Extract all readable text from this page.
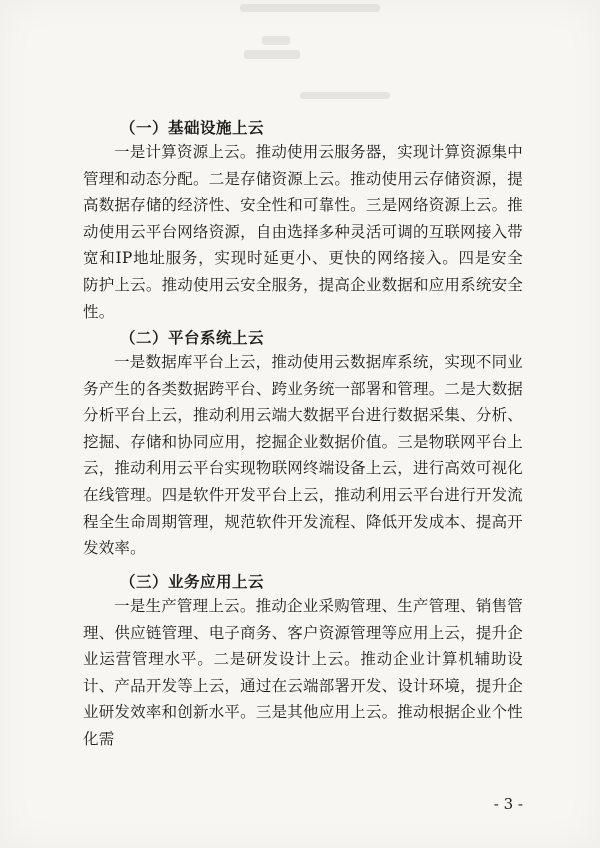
（一）基础设施上云

一是计算资源上云。推动使用云服务器，实现计算资源集中管理和动态分配。二是存储资源上云。推动使用云存储资源，提高数据存储的经济性、安全性和可靠性。三是网络资源上云。推动使用云平台网络资源，自由选择多种灵活可调的互联网接入带宽和IP地址服务，实现时延更小、更快的网络接入。四是安全防护上云。推动使用云安全服务，提高企业数据和应用系统安全性。

（二）平台系统上云

一是数据库平台上云，推动使用云数据库系统，实现不同业务产生的各类数据跨平台、跨业务统一部署和管理。二是大数据分析平台上云，推动利用云端大数据平台进行数据采集、分析、挖掘、存储和协同应用，挖掘企业数据价值。三是物联网平台上云，推动利用云平台实现物联网终端设备上云，进行高效可视化在线管理。四是软件开发平台上云，推动利用云平台进行开发流程全生命周期管理，规范软件开发流程、降低开发成本、提高开发效率。

（三）业务应用上云

一是生产管理上云。推动企业采购管理、生产管理、销售管理、供应链管理、电子商务、客户资源管理等应用上云，提升企业运营管理水平。二是研发设计上云。推动企业计算机辅助设计、产品开发等上云，通过在云端部署开发、设计环境，提升企业研发效率和创新水平。三是其他应用上云。推动根据企业个性化需

- 3 -
